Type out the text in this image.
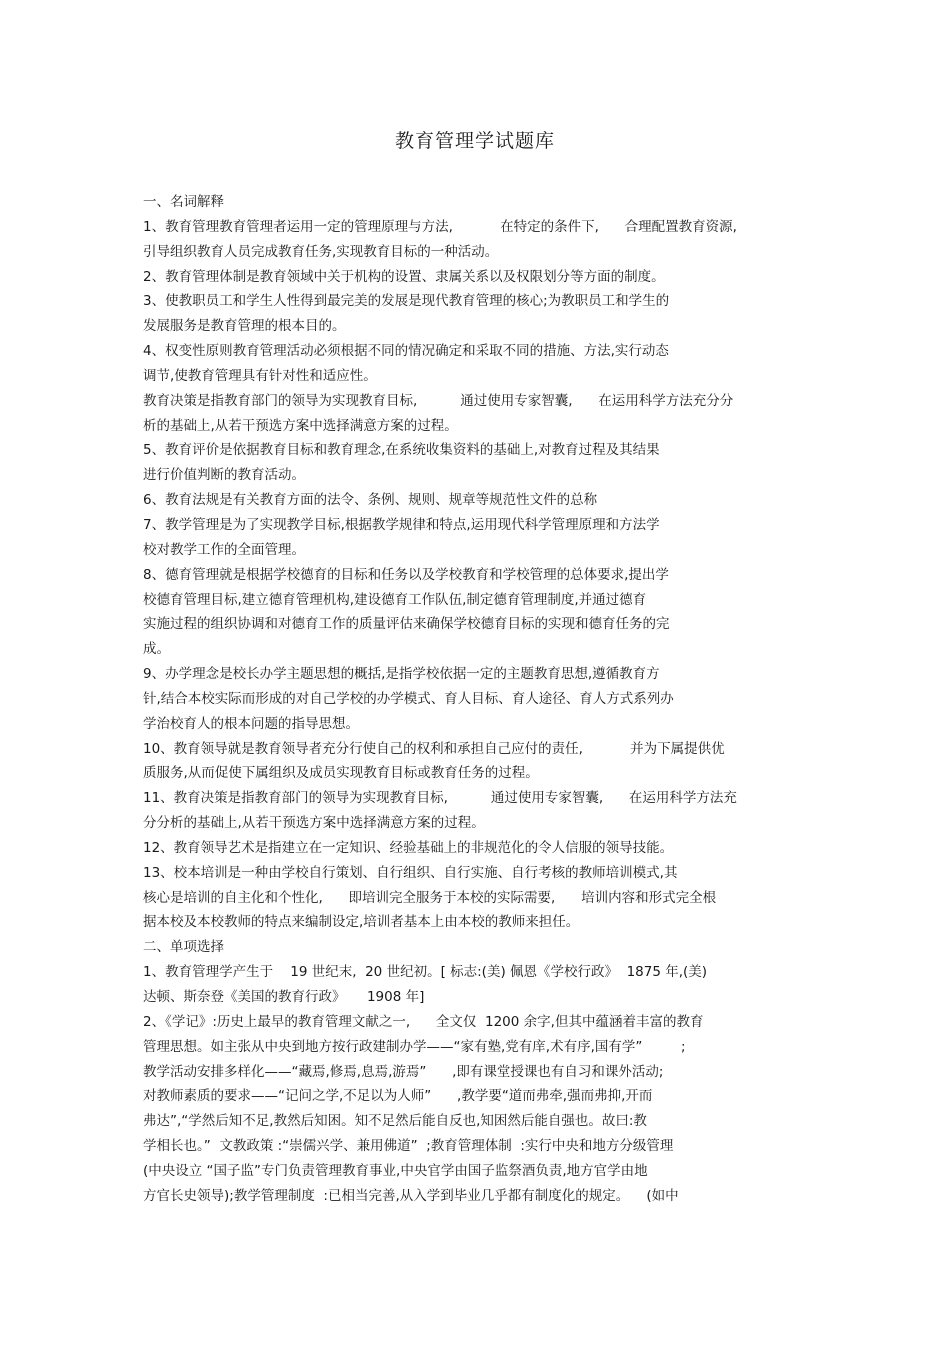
教育管理学试题库
一、名词解释
1、教育管理教育管理者运用一定的管理原理与方法,           在特定的条件下,      合理配置教育资源,
引导组织教育人员完成教育任务,实现教育目标的一种活动。
2、教育管理体制是教育领域中关于机构的设置、隶属关系以及权限划分等方面的制度。
3、使教职员工和学生人性得到最完美的发展是现代教育管理的核心;为教职员工和学生的
发展服务是教育管理的根本目的。
4、权变性原则教育管理活动必须根据不同的情况确定和采取不同的措施、方法,实行动态
调节,使教育管理具有针对性和适应性。
教育决策是指教育部门的领导为实现教育目标,          通过使用专家智囊,      在运用科学方法充分分
析的基础上,从若干预选方案中选择满意方案的过程。
5、教育评价是依据教育目标和教育理念,在系统收集资料的基础上,对教育过程及其结果
进行价值判断的教育活动。
6、教育法规是有关教育方面的法令、条例、规则、规章等规范性文件的总称
7、教学管理是为了实现教学目标,根据教学规律和特点,运用现代科学管理原理和方法学
校对教学工作的全面管理。
8、德育管理就是根据学校德育的目标和任务以及学校教育和学校管理的总体要求,提出学
校德育管理目标,建立德育管理机构,建设德育工作队伍,制定德育管理制度,并通过德育
实施过程的组织协调和对德育工作的质量评估来确保学校德育目标的实现和德育任务的完
成。
9、办学理念是校长办学主题思想的概括,是指学校依据一定的主题教育思想,遵循教育方
针,结合本校实际而形成的对自己学校的办学模式、育人目标、育人途径、育人方式系列办
学治校育人的根本问题的指导思想。
10、教育领导就是教育领导者充分行使自己的权利和承担自己应付的责任,           并为下属提供优
质服务,从而促使下属组织及成员实现教育目标或教育任务的过程。
11、教育决策是指教育部门的领导为实现教育目标,          通过使用专家智囊,      在运用科学方法充
分分析的基础上,从若干预选方案中选择满意方案的过程。
12、教育领导艺术是指建立在一定知识、经验基础上的非规范化的令人信服的领导技能。
13、校本培训是一种由学校自行策划、自行组织、自行实施、自行考核的教师培训模式,其
核心是培训的自主化和个性化,      即培训完全服务于本校的实际需要,      培训内容和形式完全根
据本校及本校教师的特点来编制设定,培训者基本上由本校的教师来担任。
二、单项选择
1、教育管理学产生于    19 世纪末,  20 世纪初。[ 标志:(美) 佩恩《学校行政》  1875 年,(美)
达顿、斯奈登《美国的教育行政》     1908 年]
2、《学记》:历史上最早的教育管理文献之一,      全文仅  1200 余字,但其中蕴涵着丰富的教育
管理思想。如主张从中央到地方按行政建制办学——“家有塾,党有庠,术有序,国有学”         ;
教学活动安排多样化——“藏焉,修焉,息焉,游焉”      ,即有课堂授课也有自习和课外活动;
对教师素质的要求——“记问之学,不足以为人师”      ,教学要“道而弗牵,强而弗抑,开而
弗达”,“学然后知不足,教然后知困。知不足然后能自反也,知困然后能自强也。故曰:教
学相长也。”  文教政策 :“崇儒兴学、兼用佛道”  ;教育管理体制  :实行中央和地方分级管理
(中央设立 “国子监”专门负责管理教育事业,中央官学由国子监祭酒负责,地方官学由地
方官长史领导);教学管理制度  :已相当完善,从入学到毕业几乎都有制度化的规定。    (如中
